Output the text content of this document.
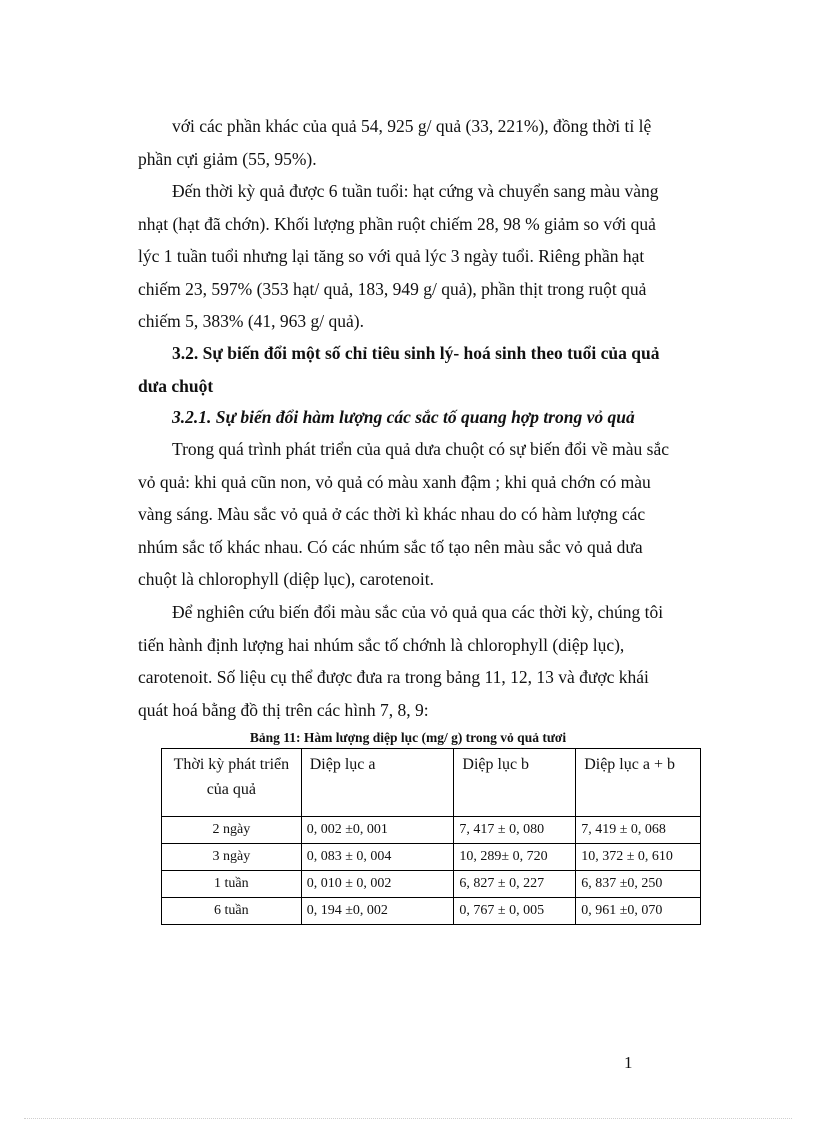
với các phần khác của quả 54, 925 g/ quả (33, 221%), đồng thời tỉ lệ
phần cựi giảm (55, 95%).

Đến thời kỳ quả được 6 tuần tuổi: hạt cứng và chuyển sang màu vàng
nhạt (hạt đã chớn). Khối lượng phần ruột chiếm 28, 98 % giảm so với quả
lýc 1 tuần tuổi nhưng lại tăng so với quả lýc 3 ngày tuổi. Riêng phần hạt
chiếm 23, 597% (353 hạt/ quả, 183, 949 g/ quả), phần thịt trong ruột quả
chiếm 5, 383% (41, 963 g/ quả).

3.2. Sự biến đổi một số chỉ tiêu sinh lý- hoá sinh theo tuổi của quả
dưa chuột

3.2.1. Sự biến đổi hàm lượng các sắc tố quang hợp trong vỏ quả

Trong quá trình phát triển của quả dưa chuột có sự biến đổi về màu sắc
vỏ quả: khi quả cũn non, vỏ quả có màu xanh đậm ; khi quả chớn có màu
vàng sáng. Màu sắc vỏ quả ở các thời kì khác nhau do có hàm lượng các
nhúm sắc tố khác nhau. Có các nhúm sắc tố tạo nên màu sắc vỏ quả dưa
chuột là chlorophyll (diệp lục), carotenoit.

Để nghiên cứu biến đổi màu sắc của vỏ quả qua các thời kỳ, chúng tôi
tiến hành định lượng hai nhúm sắc tố chớnh là chlorophyll (diệp lục),
carotenoit. Số liệu cụ thể được đưa ra trong bảng 11, 12, 13 và được khái
quát hoá bằng đồ thị trên các hình 7, 8, 9:

Bảng 11: Hàm lượng diệp lục (mg/ g) trong vỏ quả tươi
Thời kỳ phát triển của quả	Diệp lục a	Diệp lục b	Diệp lục a + b
2 ngày	0, 002 ±0, 001	7, 417 ± 0, 080	7, 419 ± 0, 068
3 ngày	0, 083 ± 0, 004	10, 289± 0, 720	10, 372 ± 0, 610
1 tuần	0, 010 ± 0, 002	6, 827 ± 0, 227	6, 837 ±0, 250
6 tuần	0, 194 ±0, 002	0, 767 ± 0, 005	0, 961 ±0, 070
1
